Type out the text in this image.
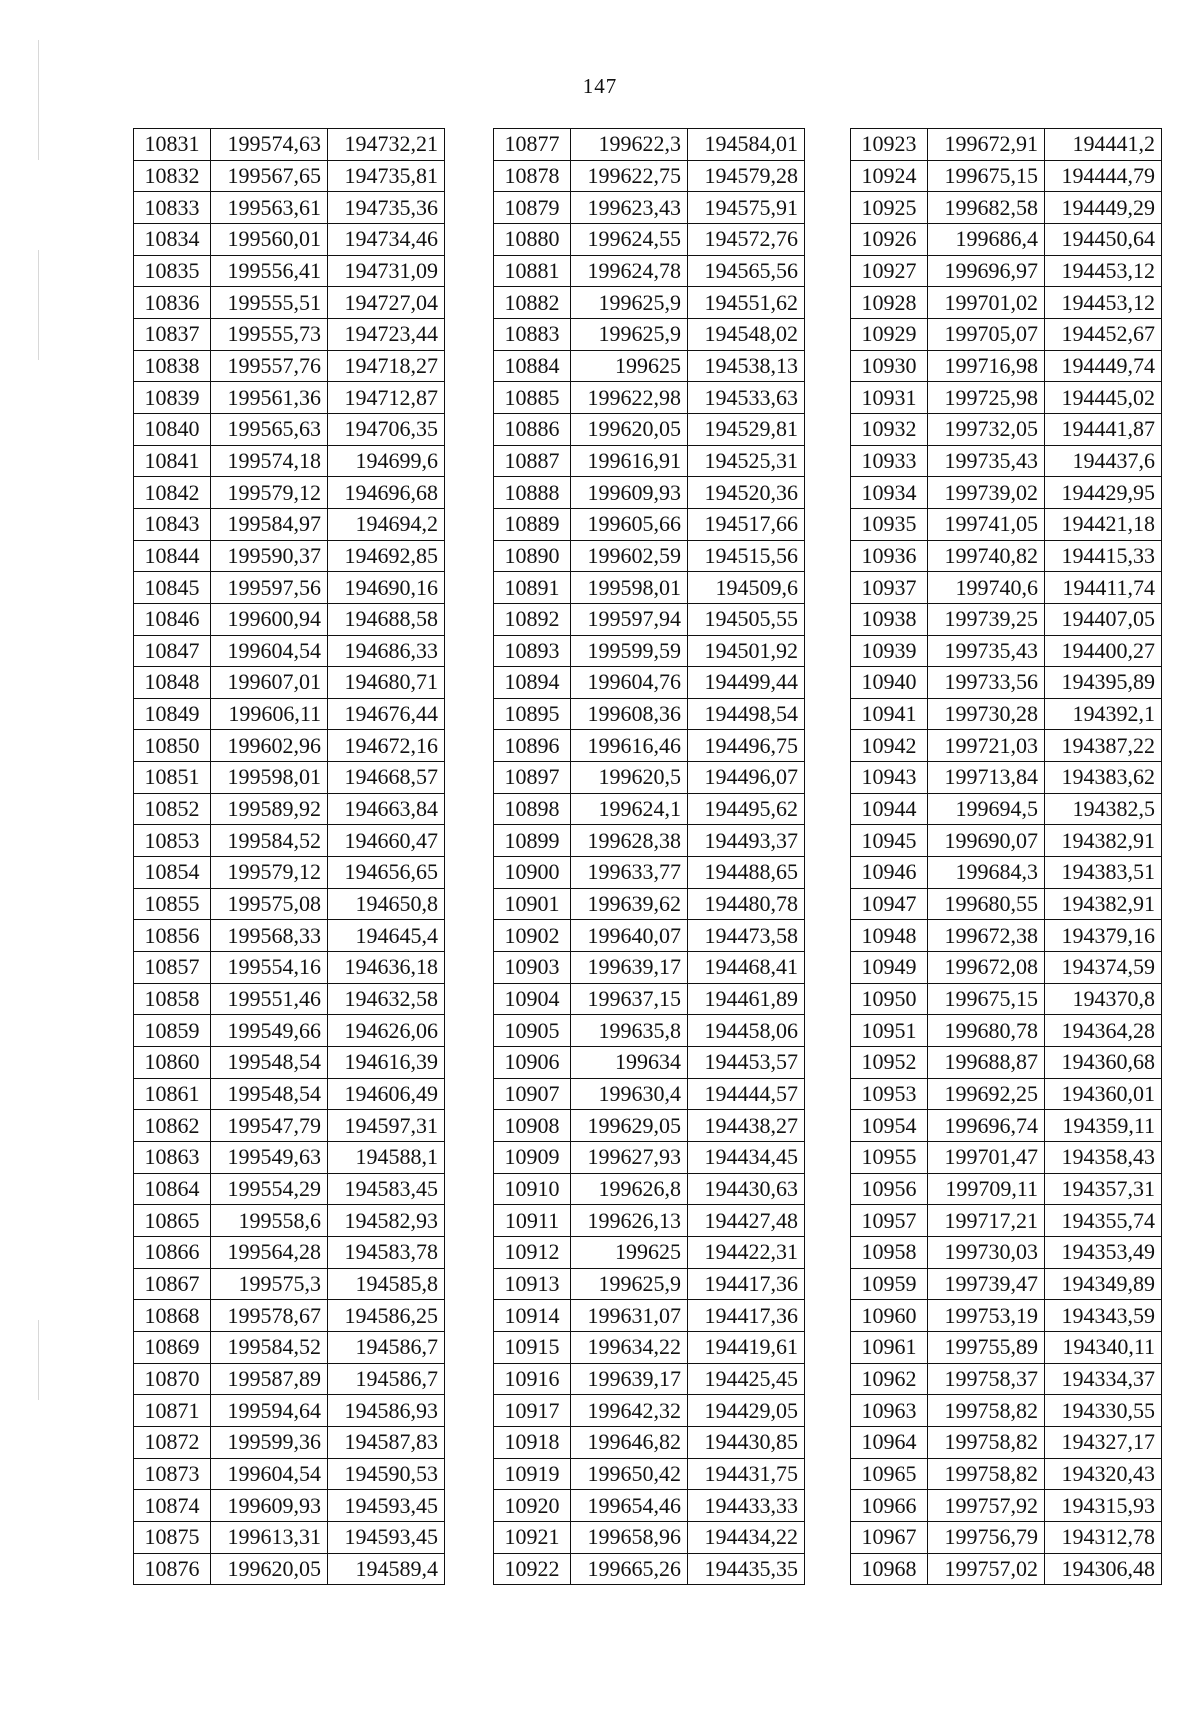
147
10831	199574,63	194732,21
10832	199567,65	194735,81
10833	199563,61	194735,36
10834	199560,01	194734,46
10835	199556,41	194731,09
10836	199555,51	194727,04
10837	199555,73	194723,44
10838	199557,76	194718,27
10839	199561,36	194712,87
10840	199565,63	194706,35
10841	199574,18	194699,6
10842	199579,12	194696,68
10843	199584,97	194694,2
10844	199590,37	194692,85
10845	199597,56	194690,16
10846	199600,94	194688,58
10847	199604,54	194686,33
10848	199607,01	194680,71
10849	199606,11	194676,44
10850	199602,96	194672,16
10851	199598,01	194668,57
10852	199589,92	194663,84
10853	199584,52	194660,47
10854	199579,12	194656,65
10855	199575,08	194650,8
10856	199568,33	194645,4
10857	199554,16	194636,18
10858	199551,46	194632,58
10859	199549,66	194626,06
10860	199548,54	194616,39
10861	199548,54	194606,49
10862	199547,79	194597,31
10863	199549,63	194588,1
10864	199554,29	194583,45
10865	199558,6	194582,93
10866	199564,28	194583,78
10867	199575,3	194585,8
10868	199578,67	194586,25
10869	199584,52	194586,7
10870	199587,89	194586,7
10871	199594,64	194586,93
10872	199599,36	194587,83
10873	199604,54	194590,53
10874	199609,93	194593,45
10875	199613,31	194593,45
10876	199620,05	194589,4
10877	199622,3	194584,01
10878	199622,75	194579,28
10879	199623,43	194575,91
10880	199624,55	194572,76
10881	199624,78	194565,56
10882	199625,9	194551,62
10883	199625,9	194548,02
10884	199625	194538,13
10885	199622,98	194533,63
10886	199620,05	194529,81
10887	199616,91	194525,31
10888	199609,93	194520,36
10889	199605,66	194517,66
10890	199602,59	194515,56
10891	199598,01	194509,6
10892	199597,94	194505,55
10893	199599,59	194501,92
10894	199604,76	194499,44
10895	199608,36	194498,54
10896	199616,46	194496,75
10897	199620,5	194496,07
10898	199624,1	194495,62
10899	199628,38	194493,37
10900	199633,77	194488,65
10901	199639,62	194480,78
10902	199640,07	194473,58
10903	199639,17	194468,41
10904	199637,15	194461,89
10905	199635,8	194458,06
10906	199634	194453,57
10907	199630,4	194444,57
10908	199629,05	194438,27
10909	199627,93	194434,45
10910	199626,8	194430,63
10911	199626,13	194427,48
10912	199625	194422,31
10913	199625,9	194417,36
10914	199631,07	194417,36
10915	199634,22	194419,61
10916	199639,17	194425,45
10917	199642,32	194429,05
10918	199646,82	194430,85
10919	199650,42	194431,75
10920	199654,46	194433,33
10921	199658,96	194434,22
10922	199665,26	194435,35
10923	199672,91	194441,2
10924	199675,15	194444,79
10925	199682,58	194449,29
10926	199686,4	194450,64
10927	199696,97	194453,12
10928	199701,02	194453,12
10929	199705,07	194452,67
10930	199716,98	194449,74
10931	199725,98	194445,02
10932	199732,05	194441,87
10933	199735,43	194437,6
10934	199739,02	194429,95
10935	199741,05	194421,18
10936	199740,82	194415,33
10937	199740,6	194411,74
10938	199739,25	194407,05
10939	199735,43	194400,27
10940	199733,56	194395,89
10941	199730,28	194392,1
10942	199721,03	194387,22
10943	199713,84	194383,62
10944	199694,5	194382,5
10945	199690,07	194382,91
10946	199684,3	194383,51
10947	199680,55	194382,91
10948	199672,38	194379,16
10949	199672,08	194374,59
10950	199675,15	194370,8
10951	199680,78	194364,28
10952	199688,87	194360,68
10953	199692,25	194360,01
10954	199696,74	194359,11
10955	199701,47	194358,43
10956	199709,11	194357,31
10957	199717,21	194355,74
10958	199730,03	194353,49
10959	199739,47	194349,89
10960	199753,19	194343,59
10961	199755,89	194340,11
10962	199758,37	194334,37
10963	199758,82	194330,55
10964	199758,82	194327,17
10965	199758,82	194320,43
10966	199757,92	194315,93
10967	199756,79	194312,78
10968	199757,02	194306,48
